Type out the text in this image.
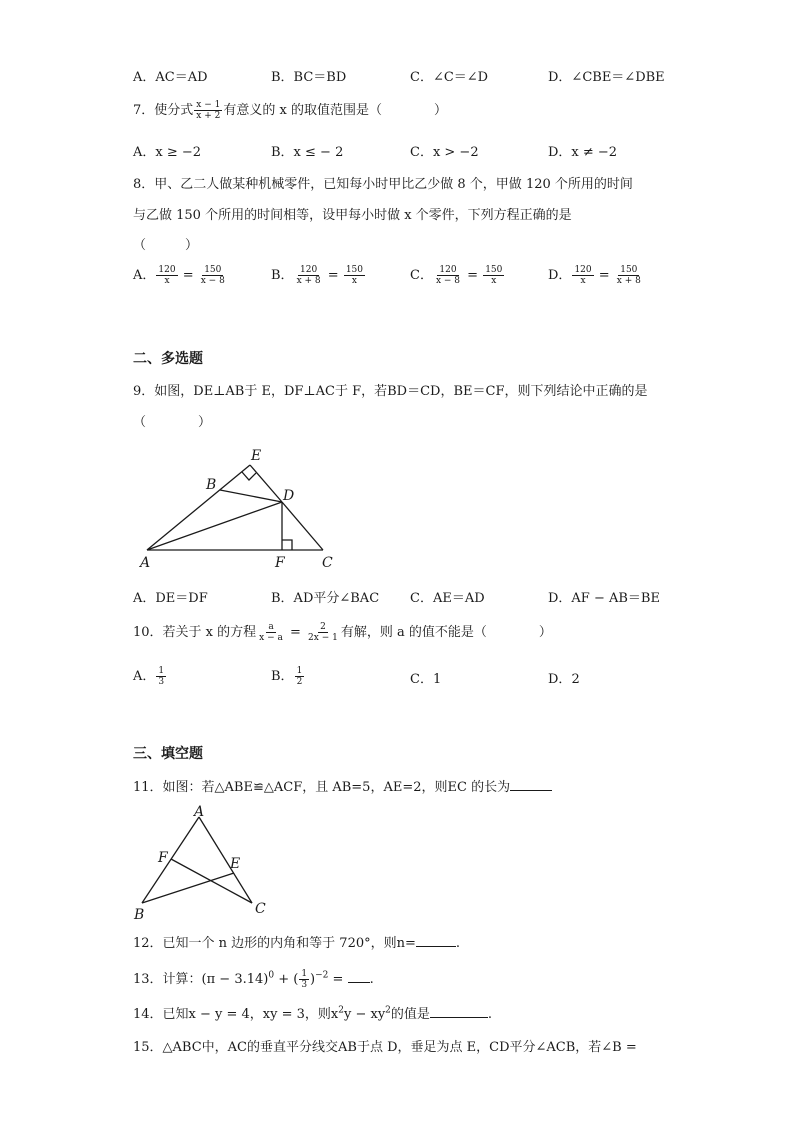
A．AC＝AD	B．BC＝BD	C．∠C＝∠D	D．∠CBE＝∠DBE
7．使分式 $\frac{x - 1}{x + 2}$ 有意义的 x 的取值范围是（　　　　）
A．x ≥ −2	B．x ≤ − 2	C．x > −2	D．x ≠ −2
8．甲、乙二人做某种机械零件，已知每小时甲比乙少做 8 个，甲做 120 个所用的时间
与乙做 150 个所用的时间相等，设甲每小时做 x 个零件，下列方程正确的是
（　　　）
A． $\frac{120}{x} = \frac{150}{x - 8}$	B． $\frac{120}{x + 8} = \frac{150}{x}$	C． $\frac{120}{x - 8} = \frac{150}{x}$	D． $\frac{120}{x} = \frac{150}{x + 8}$
二、多选题
9．如图，DE⊥AB于 E，DF⊥AC于 F，若BD＝CD，BE＝CF，则下列结论中正确的是
（　　　　）
E
B
D
A	F	C
A．DE＝DF	B．AD平分∠BAC C．AE＝AD	D．AF − AB＝BE
10．若关于 x 的方程 $\frac{a}{x - a} = \frac{2}{2x - 1}$ 有解，则 a 的值不能是（　　　　）
A． $\frac{1}{3}$	B． $\frac{1}{2}$	C．1	D．2
三、填空题
11．如图：若△ABE≌△ACF，且 AB=5，AE=2，则EC 的长为
A
F	E
B	C
12．已知一个 n 边形的内角和等于 720°，则n=	.
13．计算：$(\pi - 3.14)^0$ + ( $\frac{1}{3} )^{-2}$ = .
14．已知x − y = 4，xy = 3，则$x^2y - xy^2$的值是	.
15．△ABC中，AC的垂直平分线交AB于点 D，垂足为点 E，CD平分∠ACB，若∠B =
